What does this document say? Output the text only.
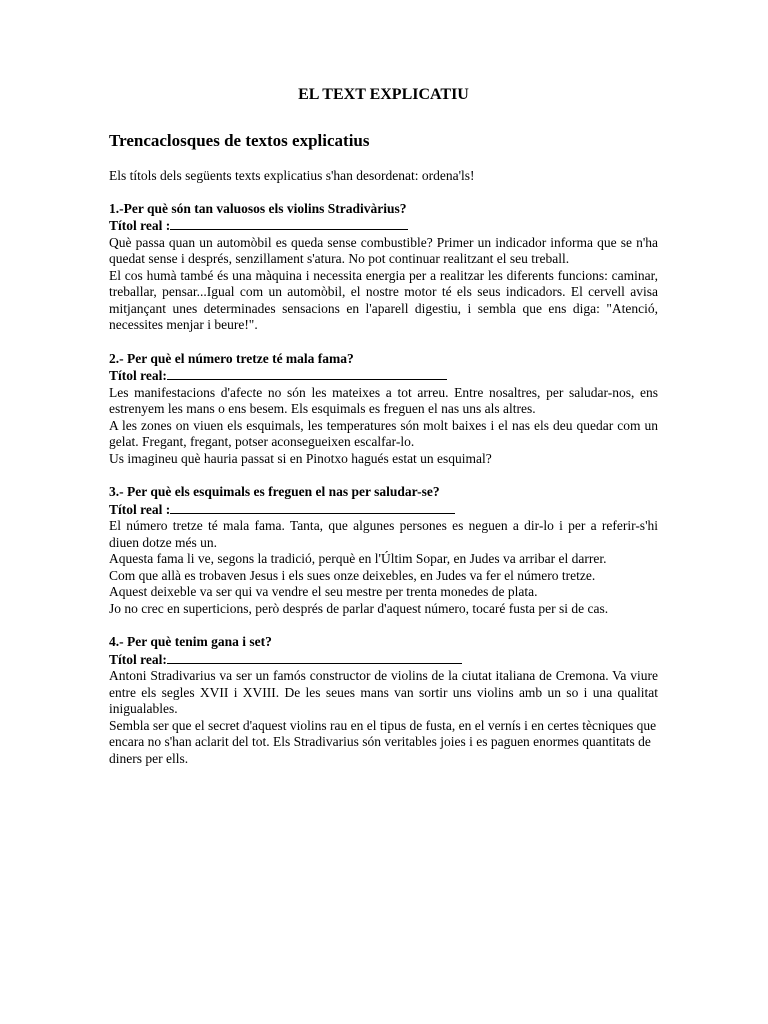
EL TEXT EXPLICATIU
Trencaclosques de textos explicatius
Els títols dels següents texts explicatius s'han desordenat: ordena'ls!
1.-Per què són tan valuosos els violins Stradivàrius?
Títol real :
Què passa quan un automòbil es queda sense combustible? Primer un indicador informa que se n'ha quedat sense i després, senzillament s'atura. No pot continuar realitzant el seu treball.
El cos humà també és una màquina i necessita energia per a realitzar les diferents funcions: caminar, treballar, pensar...Igual com un automòbil, el nostre motor té els seus indicadors. El cervell avisa mitjançant unes determinades sensacions en l'aparell digestiu, i sembla que ens diga: "Atenció, necessites menjar i beure!".
2.- Per què el número tretze té mala fama?
Títol real:
Les manifestacions d'afecte no són les mateixes a tot arreu. Entre nosaltres, per saludar-nos, ens estrenyem les mans o ens besem. Els esquimals es freguen el nas uns als altres.
A les zones on viuen els esquimals, les temperatures són molt baixes i el nas els deu quedar com un gelat. Fregant, fregant, potser aconsegueixen escalfar-lo.
Us imagineu què hauria passat si en Pinotxo hagués estat un esquimal?
3.- Per què els esquimals es freguen el nas per saludar-se?
Títol real :
El número tretze té mala fama. Tanta, que algunes persones es neguen a dir-lo i per a referir-s'hi diuen dotze més un.
Aquesta fama li ve, segons la tradició, perquè en l'Últim Sopar, en Judes va arribar el darrer.
Com que allà es trobaven Jesus i els sues onze deixebles, en Judes va fer el número tretze.
Aquest deixeble va ser qui va vendre el seu mestre per trenta monedes de plata.
Jo no crec en superticions, però després de parlar d'aquest número, tocaré fusta per si de cas.
4.- Per què tenim gana i set?
Títol real:
Antoni Stradivarius va ser un famós constructor de violins de la ciutat italiana de Cremona. Va viure entre els segles XVII i XVIII. De les seues mans van sortir uns violins amb un so i una qualitat inigualables.
Sembla ser que el secret d'aquest violins rau en el tipus de fusta, en el vernís i en certes tècniques que encara no s'han aclarit del tot. Els Stradivarius són veritables joies i es paguen enormes quantitats de diners per ells.
